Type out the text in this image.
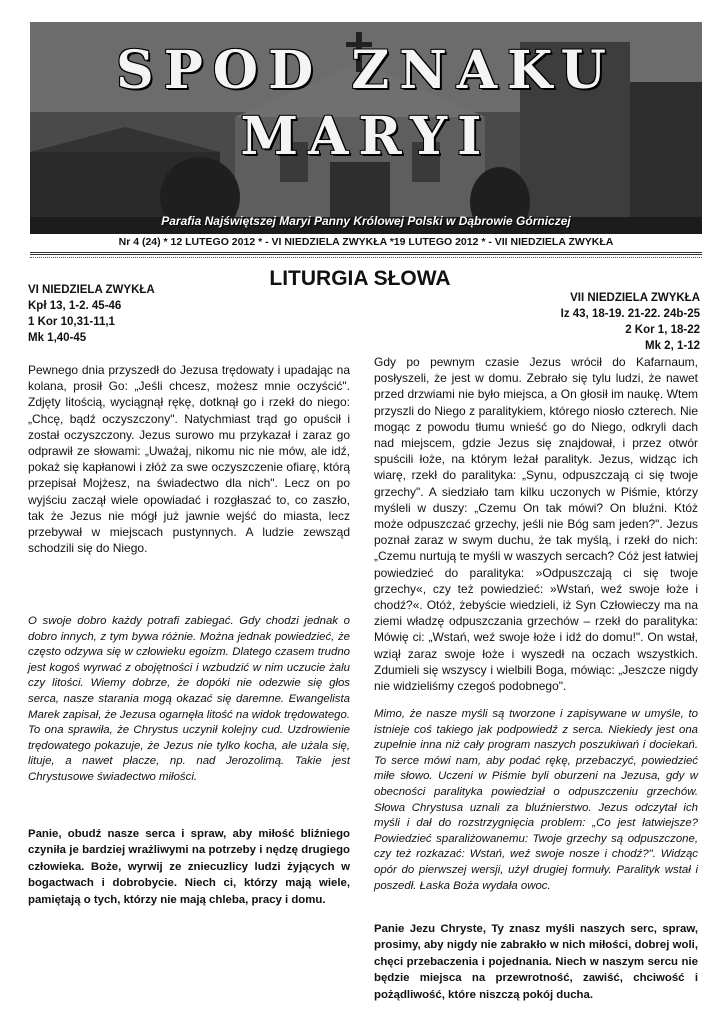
SPOD ZNAKU
MARYI
Parafia Najświętszej Maryi Panny Królowej Polski w Dąbrowie Górniczej
Nr 4 (24) * 12 LUTEGO 2012 * - VI NIEDZIELA ZWYKŁA *19 LUTEGO 2012 * - VII NIEDZIELA ZWYKŁA
LITURGIA SŁOWA
VI NIEDZIELA ZWYKŁA
Kpł 13, 1-2. 45-46
1 Kor 10,31-11,1
Mk 1,40-45
VII NIEDZIELA ZWYKŁA
Iz 43, 18-19. 21-22. 24b-25
2 Kor 1, 18-22
Mk 2, 1-12

Pewnego dnia przyszedł do Jezusa trędowaty i upadając na kolana, prosił Go: „Jeśli chcesz, możesz mnie oczyścić". Zdjęty litością, wyciągnął rękę, dotknął go i rzekł do niego: „Chcę, bądź oczyszczony". Natychmiast trąd go opuścił i został oczyszczony. Jezus surowo mu przykazał i zaraz go odprawił ze słowami: „Uważaj, nikomu nic nie mów, ale idź, pokaż się kapłanowi i złóż za swe oczyszczenie ofiarę, którą przepisał Mojżesz, na świadectwo dla nich". Lecz on po wyjściu zaczął wiele opowiadać i rozgłaszać to, co zaszło, tak że Jezus nie mógł już jawnie wejść do miasta, lecz przebywał w miejscach pustynnych. A ludzie zewsząd schodzili się do Niego.

O swoje dobro każdy potrafi zabiegać. Gdy chodzi jednak o dobro innych, z tym bywa różnie. Można jednak powiedzieć, że często odzywa się w człowieku egoizm. Dlatego czasem trudno jest kogoś wyrwać z obojętności i wzbudzić w nim uczucie żalu czy litości. Wiemy dobrze, że dopóki nie odezwie się głos serca, nasze starania mogą okazać się daremne. Ewangelista Marek zapisał, że Jezusa ogarnęła litość na widok trędowatego. To ona sprawiła, że Chrystus uczynił kolejny cud. Uzdrowienie trędowatego pokazuje, że Jezus nie tylko kocha, ale użala się, lituje, a nawet płacze, np. nad Jerozolimą. Takie jest Chrystusowe świadectwo miłości.

Panie, obudź nasze serca i spraw, aby miłość bliźniego czyniła je bardziej wrażliwymi na potrzeby i nędzę drugiego człowieka. Boże, wyrwij ze zniecuzlicy ludzi żyjących w bogactwach i dobrobycie. Niech ci, którzy mają wiele, pamiętają o tych, którzy nie mają chleba, pracy i domu.

Gdy po pewnym czasie Jezus wrócił do Kafarnaum, posłyszeli, że jest w domu. Zebrało się tylu ludzi, że nawet przed drzwiami nie było miejsca, a On głosił im naukę. Wtem przyszli do Niego z paralitykiem, którego niosło czterech. Nie mogąc z powodu tłumu wnieść go do Niego, odkryli dach nad miejscem, gdzie Jezus się znajdował, i przez otwór spuścili łoże, na którym leżał paralityk. Jezus, widząc ich wiarę, rzekł do paralityka: „Synu, odpuszczają ci się twoje grzechy". A siedziało tam kilku uczonych w Piśmie, którzy myśleli w duszy: „Czemu On tak mówi? On bluźni. Któż może odpuszczać grzechy, jeśli nie Bóg sam jeden?". Jezus poznał zaraz w swym duchu, że tak myślą, i rzekł do nich: „Czemu nurtują te myśli w waszych sercach? Cóż jest łatwiej powiedzieć do paralityka: »Odpuszczają ci się twoje grzechy«, czy też powiedzieć: »Wstań, weź swoje łoże i chodź?«. Otóż, żebyście wiedzieli, iż Syn Człowieczy ma na ziemi władzę odpuszczania grzechów – rzekł do paralityka: Mówię ci: „Wstań, weź swoje łoże i idź do domu!". On wstał, wziął zaraz swoje łoże i wyszedł na oczach wszystkich. Zdumieli się wszyscy i wielbili Boga, mówiąc: „Jeszcze nigdy nie widzieliśmy czegoś podobnego".

Mimo, że nasze myśli są tworzone i zapisywane w umyśle, to istnieje coś takiego jak podpowiedź z serca. Niekiedy jest ona zupełnie inna niż cały program naszych poszukiwań i dociekań. To serce mówi nam, aby podać rękę, przebaczyć, powiedzieć miłe słowo. Uczeni w Piśmie byli oburzeni na Jezusa, gdy w obecności paralityka powiedział o odpuszczeniu grzechów. Słowa Chrystusa uznali za bluźnierstwo. Jezus odczytał ich myśli i dał do rozstrzygnięcia problem: „Co jest łatwiejsze? Powiedzieć sparaliżowanemu: Twoje grzechy są odpuszczone, czy też rozkazać: Wstań, weź swoje nosze i chodź?". Widząc opór do pierwszej wersji, użył drugiej formuły. Paralityk wstał i poszedł. Łaska Boża wydała owoc.

Panie Jezu Chryste, Ty znasz myśli naszych serc, spraw, prosimy, aby nigdy nie zabrakło w nich miłości, dobrej woli, chęci przebaczenia i pojednania. Niech w naszym sercu nie będzie miejsca na przewrotność, zawiść, chciwość i pożądliwość, które niszczą pokój ducha.
